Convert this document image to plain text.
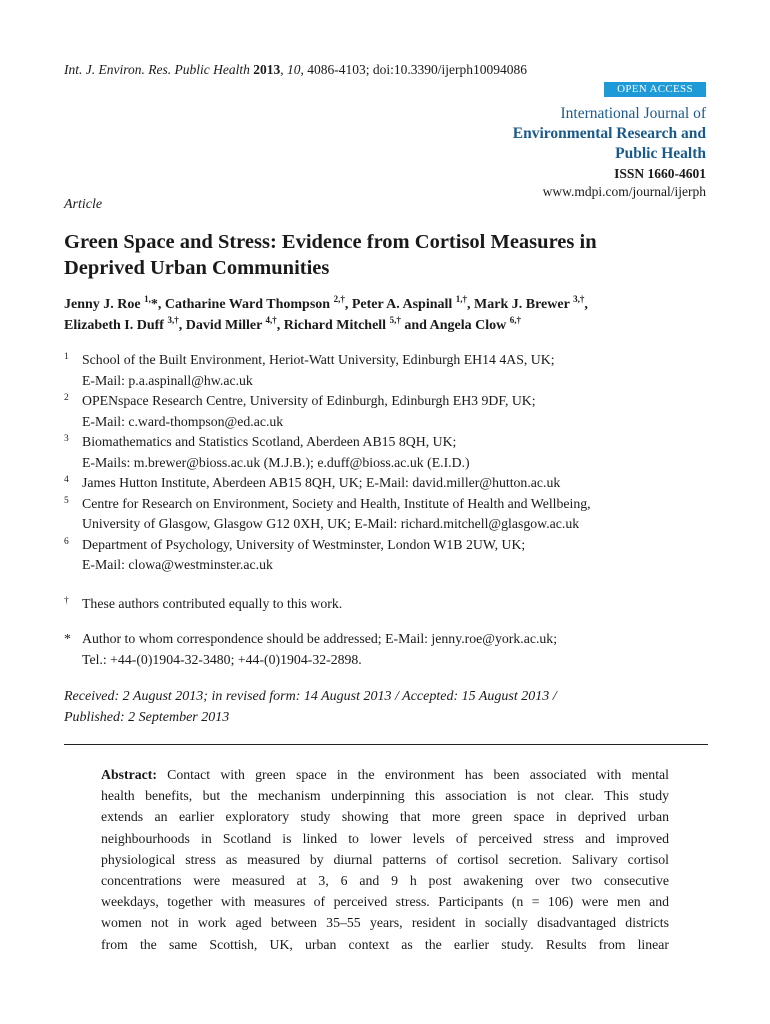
Int. J. Environ. Res. Public Health 2013, 10, 4086-4103; doi:10.3390/ijerph10094086
OPEN ACCESS
International Journal of
Environmental Research and
Public Health
ISSN 1660-4601
www.mdpi.com/journal/ijerph
Article
Green Space and Stress: Evidence from Cortisol Measures in
Deprived Urban Communities
Jenny J. Roe $^{1,}$*, Catharine Ward Thompson $^{2,\dagger}$, Peter A. Aspinall $^{1,\dagger}$, Mark J. Brewer $^{3,\dagger}$,
Elizabeth I. Duff $^{3,\dagger}$, David Miller $^{4,\dagger}$, Richard Mitchell $^{5,\dagger}$ and Angela Clow $^{6,\dagger}$
1 School of the Built Environment, Heriot-Watt University, Edinburgh EH14 4AS, UK;
E-Mail: p.a.aspinall@hw.ac.uk
2 OPENspace Research Centre, University of Edinburgh, Edinburgh EH3 9DF, UK;
E-Mail: c.ward-thompson@ed.ac.uk
3 Biomathematics and Statistics Scotland, Aberdeen AB15 8QH, UK;
E-Mails: m.brewer@bioss.ac.uk (M.J.B.); e.duff@bioss.ac.uk (E.I.D.)
4 James Hutton Institute, Aberdeen AB15 8QH, UK; E-Mail: david.miller@hutton.ac.uk
5 Centre for Research on Environment, Society and Health, Institute of Health and Wellbeing,
University of Glasgow, Glasgow G12 0XH, UK; E-Mail: richard.mitchell@glasgow.ac.uk
6 Department of Psychology, University of Westminster, London W1B 2UW, UK;
E-Mail: clowa@westminster.ac.uk
† These authors contributed equally to this work.
* Author to whom correspondence should be addressed; E-Mail: jenny.roe@york.ac.uk;
Tel.: +44-(0)1904-32-3480; +44-(0)1904-32-2898.
Received: 2 August 2013; in revised form: 14 August 2013 / Accepted: 15 August 2013 /
Published: 2 September 2013
Abstract: Contact with green space in the environment has been associated with mental
health benefits, but the mechanism underpinning this association is not clear. This study
extends an earlier exploratory study showing that more green space in deprived urban
neighbourhoods in Scotland is linked to lower levels of perceived stress and improved
physiological stress as measured by diurnal patterns of cortisol secretion. Salivary cortisol
concentrations were measured at 3, 6 and 9 h post awakening over two consecutive
weekdays, together with measures of perceived stress. Participants (n = 106) were men and
women not in work aged between 35–55 years, resident in socially disadvantaged districts
from the same Scottish, UK, urban context as the earlier study. Results from linear
